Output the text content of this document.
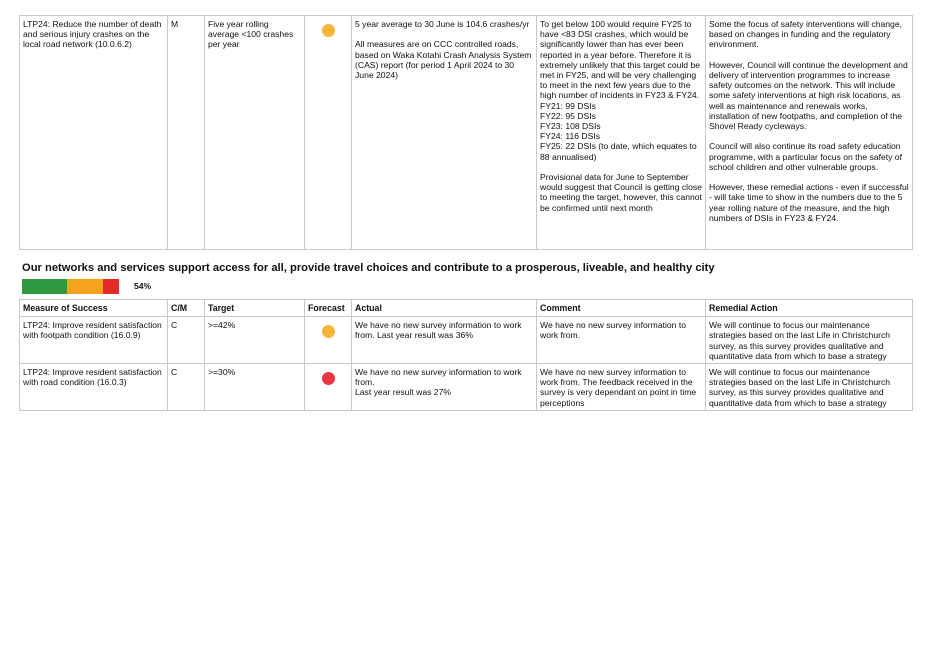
LTP24: Reduce the number of death and serious injury crashes on the local road network (10.0.6.2)	M	Five year rolling average <100 crashes per year	
	5 year average to 30 June is 104.6 crashes/yr

All measures are on CCC controlled roads, based on Waka Kotahi Crash Analysis System (CAS) report (for period 1 April 2024 to 30 June 2024)	To get below 100 would require FY25 to have <83 DSI crashes, which would be significantly lower than has ever been reported in a year before. Therefore it is extremely unlikely that this target could be met in FY25, and will be very challenging to meet in the next few years due to the high number of incidents in FY23 & FY24.
FY21: 99 DSIs
FY22: 95 DSIs
FY23: 108 DSIs
FY24: 116 DSIs
FY25: 22 DSIs (to date, which equates to 88 annualised)

Provisional data for June to September would suggest that Council is getting close to meeting the target, however, this cannot be confirmed until next month	Some the focus of safety interventions will change, based on changes in funding and the regulatory environment.

However, Council will continue the development and delivery of intervention programmes to increase safety outcomes on the network. This will include some safety interventions at high risk locations, as well as maintenance and renewals works, installation of new footpaths, and completion of the Shovel Ready cycleways.

Council will also continue its road safety education programme, with a particular focus on the safety of school children and other vulnerable groups.

However, these remedial actions - even if successful - will take time to show in the numbers due to the 5 year rolling nature of the measure, and the high numbers of DSIs in FY23 & FY24.
Our networks and services support access for all, provide travel choices and contribute to a prosperous, liveable, and healthy city
54%
Measure of Success	C/M	Target	Forecast	Actual	Comment	Remedial Action
LTP24: Improve resident satisfaction with footpath condition (16.0.9)	C	>=42%		We have no new survey information to work from. Last year result was 36%	We have no new survey information to work from.	We will continue to focus our maintenance strategies based on the last Life in Christchurch survey, as this survey provides qualitative and quantitative data from which to base a strategy
LTP24: Improve resident satisfaction with road condition (16.0.3)	C	>=30%		We have no new survey information to work from.
Last year result was 27%	We have no new survey information to work from. The feedback received in the survey is very dependant on point in time perceptions	We will continue to focus our maintenance strategies based on the last Life in Christchurch survey, as this survey provides qualitative and quantitative data from which to base a strategy
